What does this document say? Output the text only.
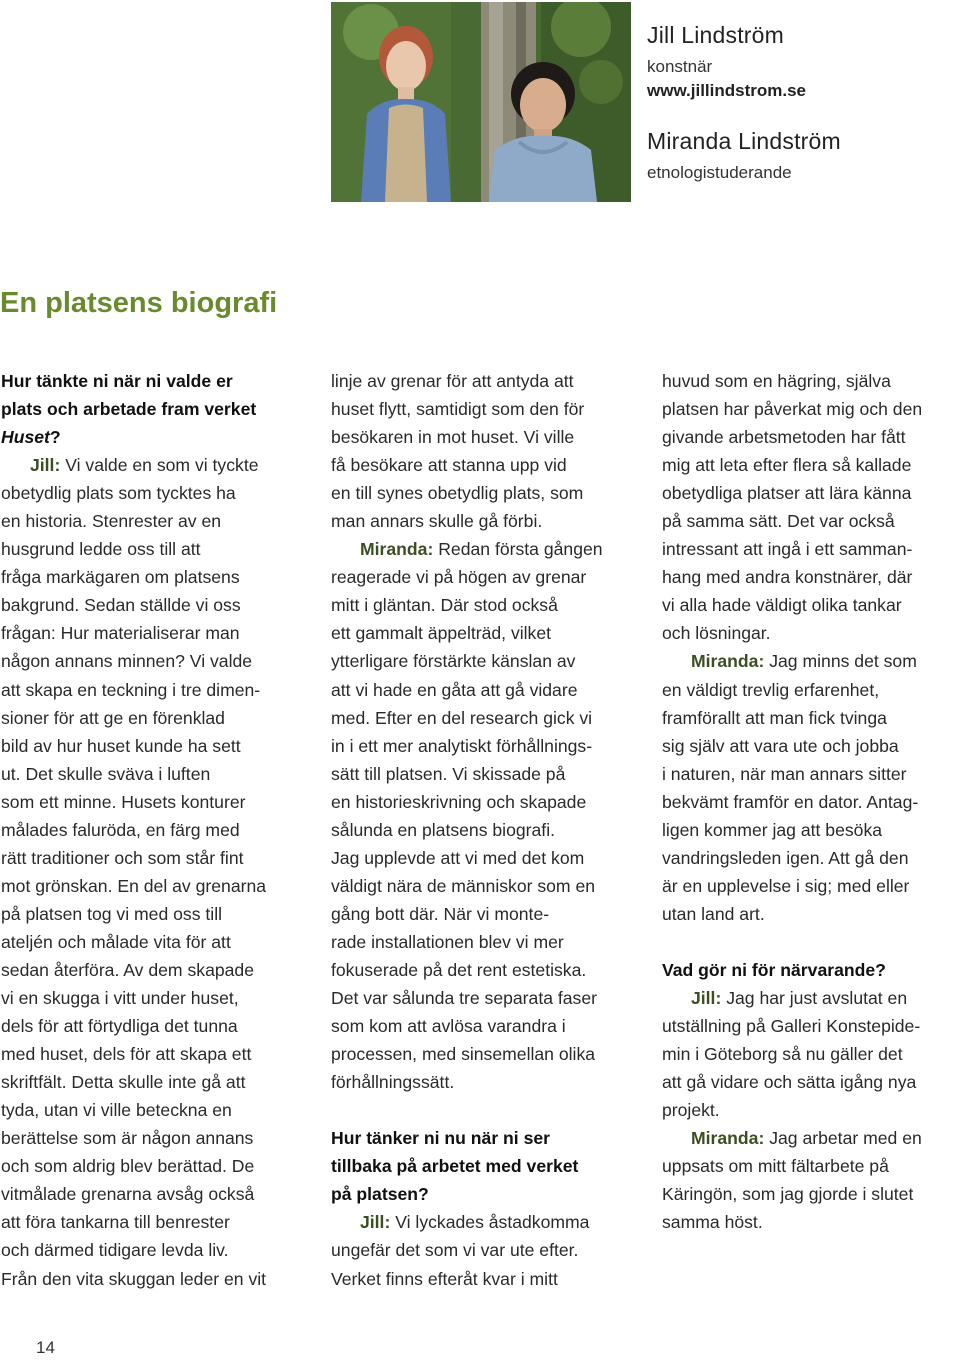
Jill Lindström
konstnär
www.jillindstrom.se
Miranda Lindström
etnologistuderande
En platsens biografi

Hur tänkte ni när ni valde er
plats och arbetade fram verket
Huset?

Jill: Vi valde en som vi tyckte
obetydlig plats som tycktes ha
en historia. Stenrester av en
husgrund ledde oss till att
fråga markägaren om platsens
bakgrund. Sedan ställde vi oss
frågan: Hur materialiserar man
någon annans minnen? Vi valde
att skapa en teckning i tre dimen-
sioner för att ge en förenklad
bild av hur huset kunde ha sett
ut. Det skulle sväva i luften
som ett minne. Husets konturer
målades faluröda, en färg med
rätt traditioner och som står fint
mot grönskan. En del av grenarna
på platsen tog vi med oss till
ateljén och målade vita för att
sedan återföra. Av dem skapade
vi en skugga i vitt under huset,
dels för att förtydliga det tunna
med huset, dels för att skapa ett
skriftfält. Detta skulle inte gå att
tyda, utan vi ville beteckna en
berättelse som är någon annans
och som aldrig blev berättad. De
vitmålade grenarna avsåg också
att föra tankarna till benrester
och därmed tidigare levda liv.
Från den vita skuggan leder en vit

linje av grenar för att antyda att
huset flytt, samtidigt som den för
besökaren in mot huset. Vi ville
få besökare att stanna upp vid
en till synes obetydlig plats, som
man annars skulle gå förbi.

Miranda: Redan första gången
reagerade vi på högen av grenar
mitt i gläntan. Där stod också
ett gammalt äppelträd, vilket
ytterligare förstärkte känslan av
att vi hade en gåta att gå vidare
med. Efter en del research gick vi
in i ett mer analytiskt förhållnings-
sätt till platsen. Vi skissade på
en historieskrivning och skapade
sålunda en platsens biografi.
Jag upplevde att vi med det kom
väldigt nära de människor som en
gång bott där. När vi monte-
rade installationen blev vi mer
fokuserade på det rent estetiska.
Det var sålunda tre separata faser
som kom att avlösa varandra i
processen, med sinsemellan olika
förhållningssätt.

Hur tänker ni nu när ni ser
tillbaka på arbetet med verket
på platsen?

Jill: Vi lyckades åstadkomma
ungefär det som vi var ute efter.
Verket finns efteråt kvar i mitt

huvud som en hägring, själva
platsen har påverkat mig och den
givande arbetsmetoden har fått
mig att leta efter flera så kallade
obetydliga platser att lära känna
på samma sätt. Det var också
intressant att ingå i ett samman-
hang med andra konstnärer, där
vi alla hade väldigt olika tankar
och lösningar.

Miranda: Jag minns det som
en väldigt trevlig erfarenhet,
framförallt att man fick tvinga
sig själv att vara ute och jobba
i naturen, när man annars sitter
bekvämt framför en dator. Antag-
ligen kommer jag att besöka
vandringsleden igen. Att gå den
är en upplevelse i sig; med eller
utan land art.

Vad gör ni för närvarande?

Jill: Jag har just avslutat en
utställning på Galleri Konstepide-
min i Göteborg så nu gäller det
att gå vidare och sätta igång nya
projekt.

Miranda: Jag arbetar med en
uppsats om mitt fältarbete på
Käringön, som jag gjorde i slutet
samma höst.

14
